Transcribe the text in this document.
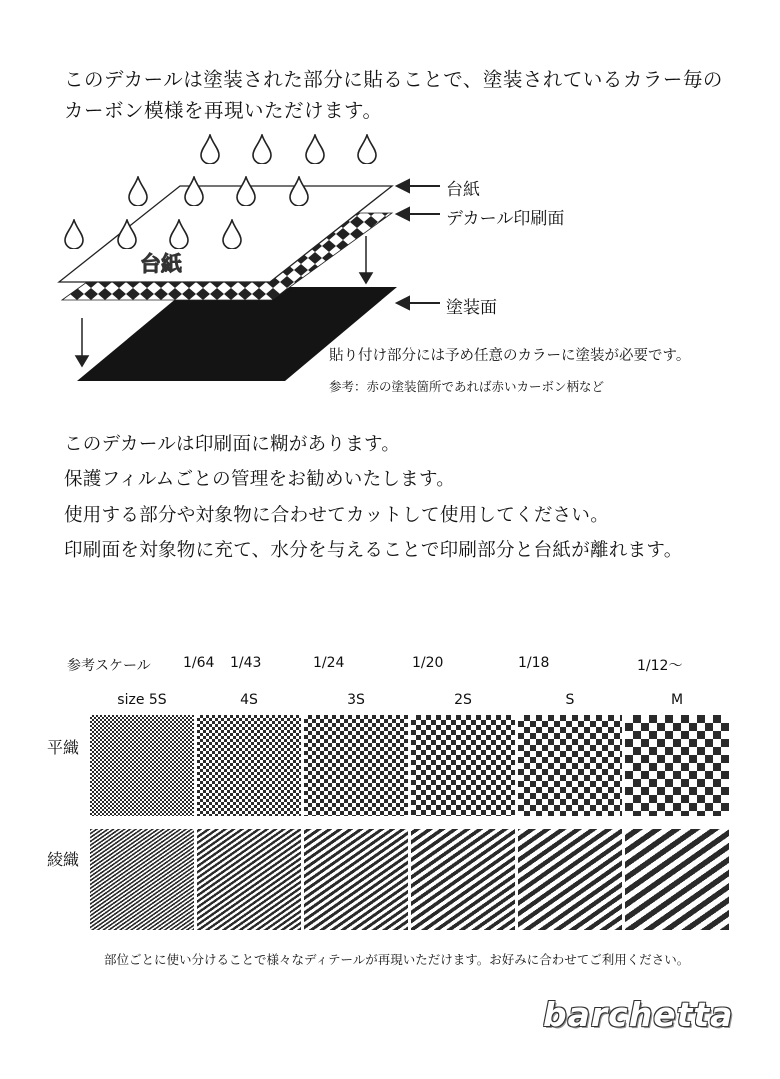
このデカールは塗装された部分に貼ることで、塗装されているカラー毎の
カーボン模様を再現いただけます。
台紙
台紙
デカール印刷面
塗装面
貼り付け部分には予め任意のカラーに塗装が必要です。
参考：赤の塗装箇所であれば赤いカーボン柄など
このデカールは印刷面に糊があります。
保護フィルムごとの管理をお勧めいたします。
使用する部分や対象物に合わせてカットして使用してください。
印刷面を対象物に充て、水分を与えることで印刷部分と台紙が離れます。
参考スケール 1/64 1/43	1/24	1/20	1/18	1/12～
size 5S	4S	3S	2S	S	M
平織
綾織
部位ごとに使い分けることで様々なディテールが再現いただけます。お好みに合わせてご利用ください。
barchetta
